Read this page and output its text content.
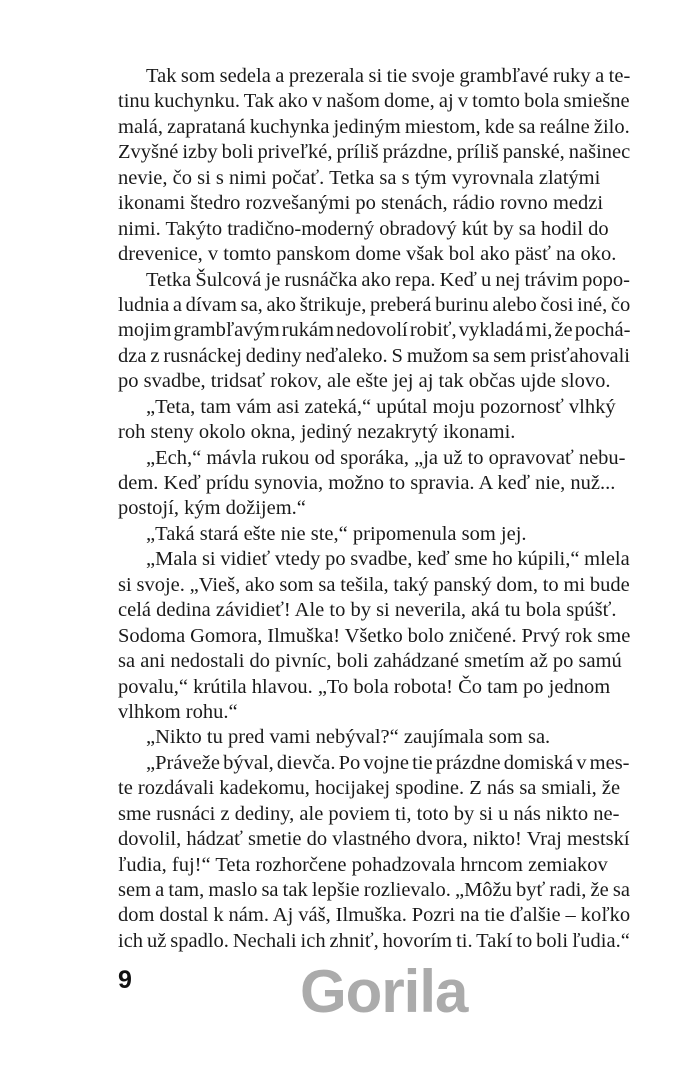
Tak som sedela a prezerala si tie svoje grambľavé ruky a te-
tinu kuchynku. Tak ako v našom dome, aj v tomto bola smiešne
malá, zaprataná kuchynka jediným miestom, kde sa reálne žilo.
Zvyšné izby boli priveľké, príliš prázdne, príliš panské, našinec
nevie, čo si s nimi počať. Tetka sa s tým vyrovnala zlatými
ikonami štedro rozvešanými po stenách, rádio rovno medzi
nimi. Takýto tradično-moderný obradový kút by sa hodil do
drevenice, v tomto panskom dome však bol ako päsť na oko.
Tetka Šulcová je rusnáčka ako repa. Keď u nej trávim popo-
ludnia a dívam sa, ako štrikuje, preberá burinu alebo čosi iné, čo
mojim grambľavým rukám nedovolí robiť, vykladá mi, že pochá-
dza z rusnáckej dediny neďaleko. S mužom sa sem prisťahovali
po svadbe, tridsať rokov, ale ešte jej aj tak občas ujde slovo.
„Teta, tam vám asi zateká,“ upútal moju pozornosť vlhký
roh steny okolo okna, jediný nezakrytý ikonami.
„Ech,“ mávla rukou od sporáka, „ja už to opravovať nebu-
dem. Keď prídu synovia, možno to spravia. A keď nie, nuž...
postojí, kým dožijem.“
„Taká stará ešte nie ste,“ pripomenula som jej.
„Mala si vidieť vtedy po svadbe, keď sme ho kúpili,“ mlela
si svoje. „Vieš, ako som sa tešila, taký panský dom, to mi bude
celá dedina závidieť! Ale to by si neverila, aká tu bola spúšť.
Sodoma Gomora, Ilmuška! Všetko bolo zničené. Prvý rok sme
sa ani nedostali do pivníc, boli zahádzané smetím až po samú
povalu,“ krútila hlavou. „To bola robota! Čo tam po jednom
vlhkom rohu.“
„Nikto tu pred vami nebýval?“ zaujímala som sa.
„Práveže býval, dievča. Po vojne tie prázdne domiská v mes-
te rozdávali kadekomu, hocijakej spodine. Z nás sa smiali, že
sme rusnáci z dediny, ale poviem ti, toto by si u nás nikto ne-
dovolil, hádzať smetie do vlastného dvora, nikto! Vraj mestskí
ľudia, fuj!“ Teta rozhorčene pohadzovala hrncom zemiakov
sem a tam, maslo sa tak lepšie rozlievalo. „Môžu byť radi, že sa
dom dostal k nám. Aj váš, Ilmuška. Pozri na tie ďalšie – koľko
ich už spadlo. Nechali ich zhniť, hovorím ti. Takí to boli ľudia.“
Gorila
9
